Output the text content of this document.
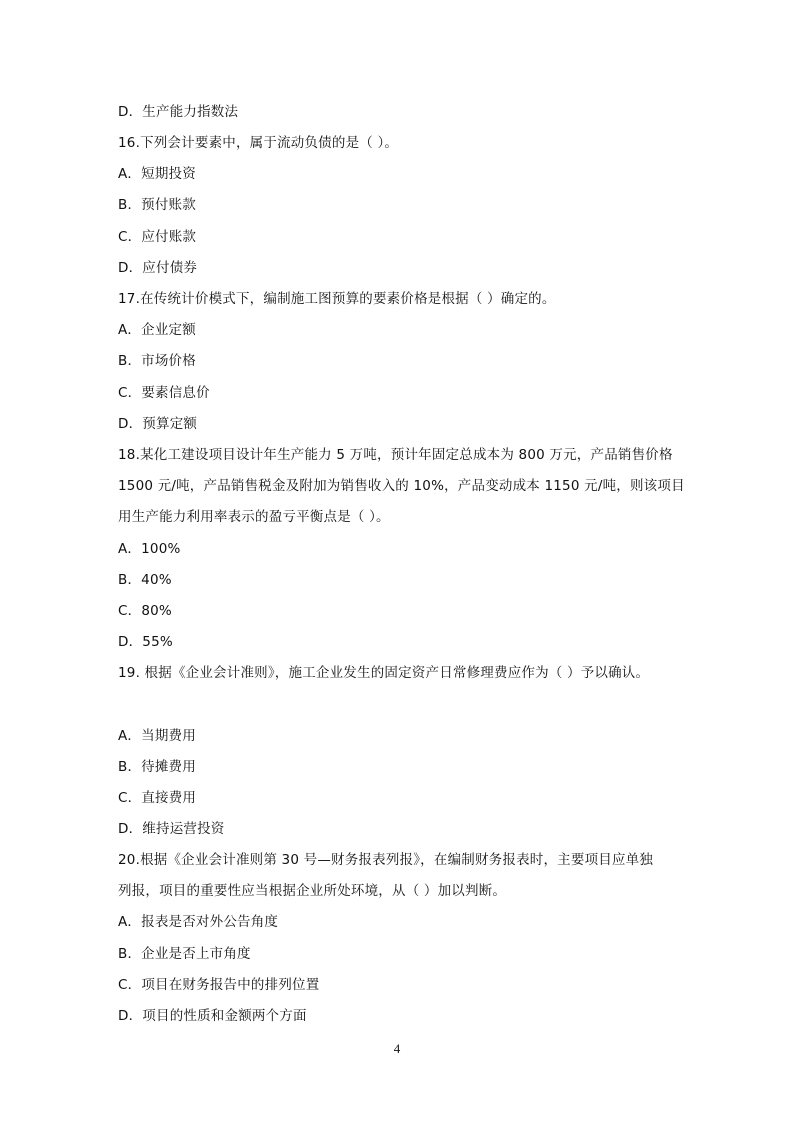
D．生产能力指数法
16.下列会计要素中，属于流动负债的是（ ）。
A．短期投资
B．预付账款
C．应付账款
D．应付债券
17.在传统计价模式下，编制施工图预算的要素价格是根据（ ）确定的。
A．企业定额
B．市场价格
C．要素信息价
D．预算定额
18.某化工建设项目设计年生产能力 5 万吨，预计年固定总成本为 800 万元，产品销售价格
1500 元/吨，产品销售税金及附加为销售收入的 10%，产品变动成本 1150 元/吨，则该项目
用生产能力利用率表示的盈亏平衡点是（ ）。
A．100%
B．40%
C．80%
D．55%
19. 根据《企业会计准则》，施工企业发生的固定资产日常修理费应作为（ ）予以确认。
A．当期费用
B．待摊费用
C．直接费用
D．维持运营投资
20.根据《企业会计准则第 30 号—财务报表列报》，在编制财务报表时，主要项目应单独
列报，项目的重要性应当根据企业所处环境，从（ ）加以判断。
A．报表是否对外公告角度
B．企业是否上市角度
C．项目在财务报告中的排列位置
D．项目的性质和金额两个方面
4
